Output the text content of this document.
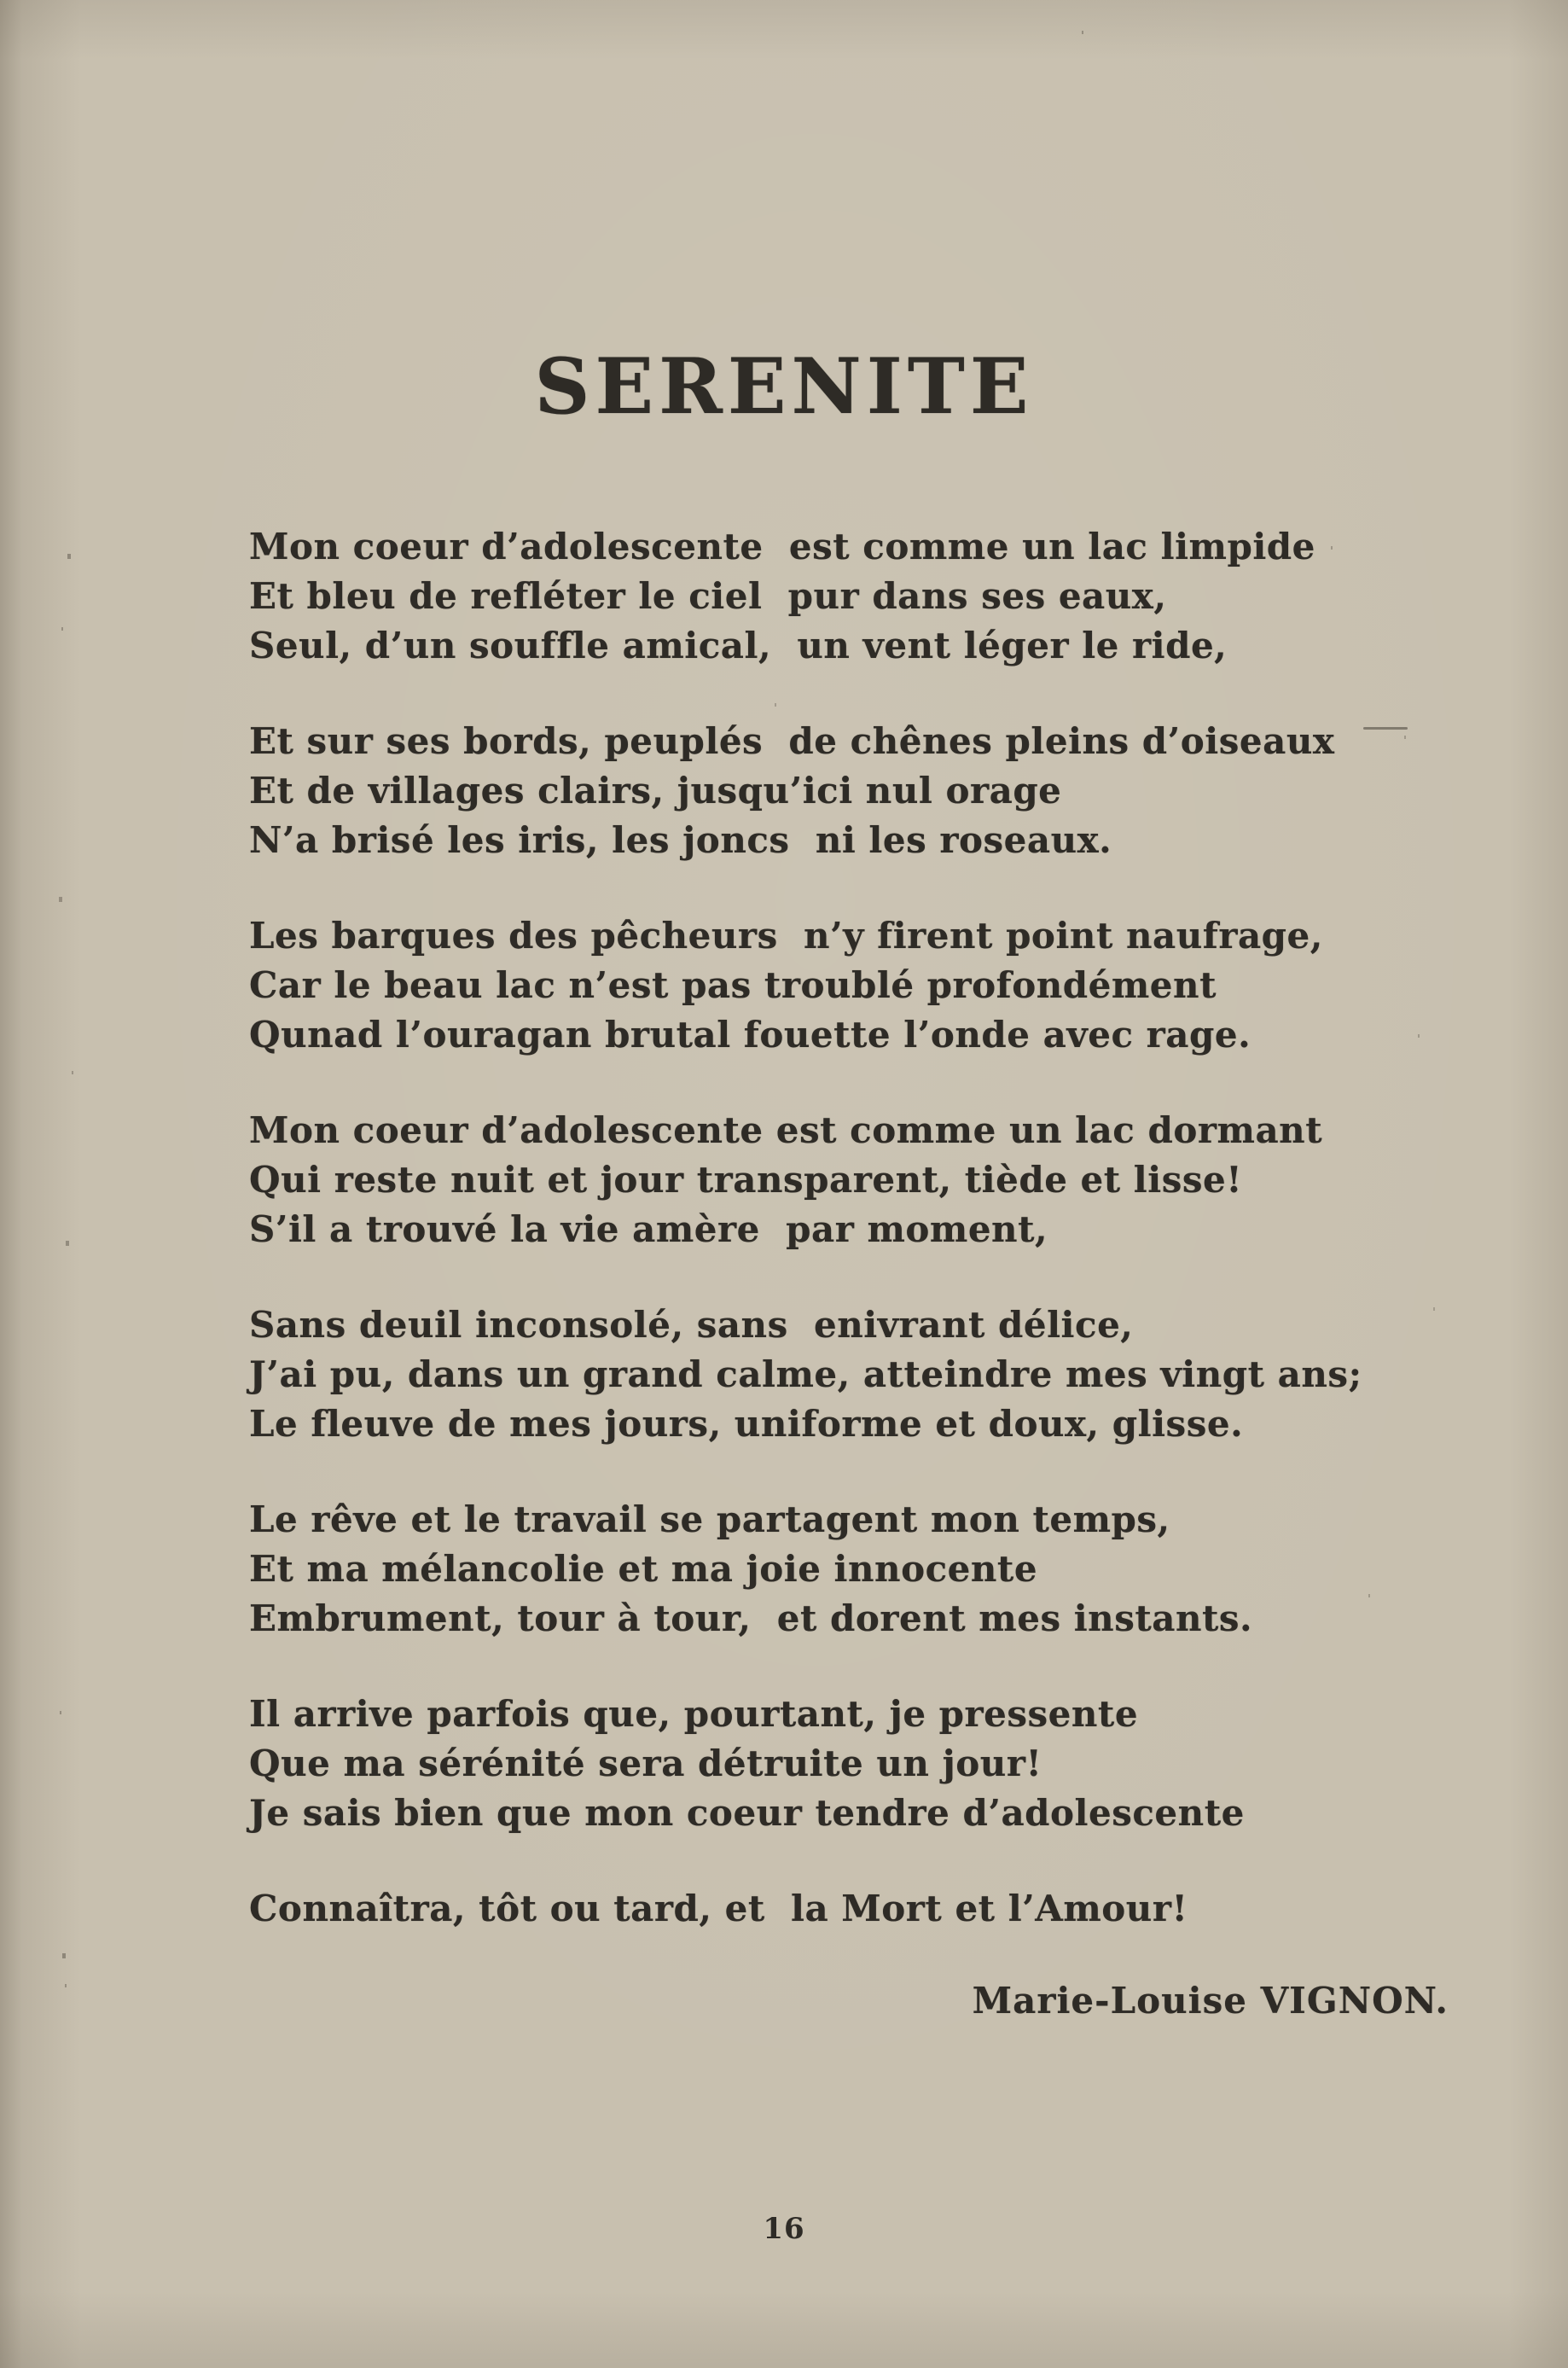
SERENITE

Mon coeur d’adolescente  est comme un lac limpide

Et bleu de refléter le ciel  pur dans ses eaux,

Seul, d’un souffle amical,  un vent léger le ride,

Et sur ses bords, peuplés  de chênes pleins d’oiseaux

Et de villages clairs, jusqu’ici nul orage

N’a brisé les iris, les joncs  ni les roseaux.

Les barques des pêcheurs  n’y firent point naufrage,

Car le beau lac n’est pas troublé profondément

Qunad l’ouragan brutal fouette l’onde avec rage.

Mon coeur d’adolescente est comme un lac dormant

Qui reste nuit et jour transparent, tiède et lisse!

S’il a trouvé la vie amère  par moment,

Sans deuil inconsolé, sans  enivrant délice,

J’ai pu, dans un grand calme, atteindre mes vingt ans;

Le fleuve de mes jours, uniforme et doux, glisse.

Le rêve et le travail se partagent mon temps,

Et ma mélancolie et ma joie innocente

Embrument, tour à tour,  et dorent mes instants.

Il arrive parfois que, pourtant, je pressente

Que ma sérénité sera détruite un jour!

Je sais bien que mon coeur tendre d’adolescente

Connaîtra, tôt ou tard, et  la Mort et l’Amour!

Marie-Louise VIGNON.
16
